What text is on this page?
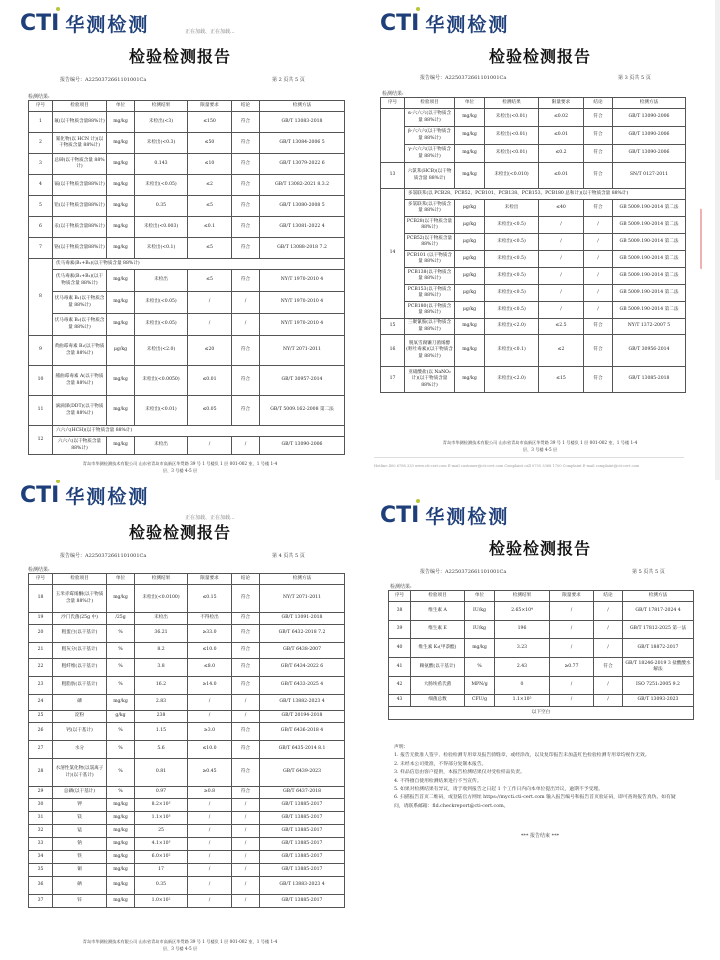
CTI 华测检测	正在加载、正在加载...
检验检测报告
报告编号：A2250372661101001Ca	第 2 页共 5 页
检测结果:
序号	检验项目	单位	检测结果	限量要求	结论	检测方法
1	氟(以干物质含量88%计)	mg/kg	未检出(<3)	≤150	符合	GB/T 13083-2018
2	氰化物(以 HCN 计)(以干物质含量 88%计)	mg/kg	未检出(<0.3)	≤50	符合	GB/T 13084-2006 5
3	总砷(以干物质含量 88%计)	mg/kg	0.143	≤10	符合	GB/T 13079-2022 6
4	镉(以干物质含量88%计)	mg/kg	未检出(<0.05)	≤2	符合	GB/T 13082-2021 8.3.2
5	铅(以干物质含量88%计)	mg/kg	0.35	≤5	符合	GB/T 13080-2008 5
6	汞(以干物质含量88%计)	mg/kg	未检出(<0.003)	≤0.1	符合	GB/T 13081-2022 4
7	铬(以干物质含量88%计)	mg/kg	未检出(<0.1)	≤5	符合	GB/T 13088-2018 7.2
8	伏马毒素(B₁+B₂)(以干物质含量 88%计)					
	伏马毒素(B₁+B₂)(以干物质含量 88%计)	mg/kg	未检出	≤5	符合	NY/T 1970-2010 4
	伏马毒素 B₁(以干物质含量 88%计)	mg/kg	未检出(<0.05)	/	/	NY/T 1970-2010 4
	伏马毒素 B₂(以干物质含量 88%计)	mg/kg	未检出(<0.05)	/	/	NY/T 1970-2010 4
9	黄曲霉毒素 B₁(以干物质含量 88%计)	μg/kg	未检出(<2.0)	≤20	符合	NY/T 2071-2011
10	赭曲霉毒素 A(以干物质含量 88%计)	mg/kg	未检出(<0.0050)	≤0.01	符合	GB/T 30957-2014
11	滴滴涕(DDT)(以干物质含量 88%计)	mg/kg	未检出(<0.01)	≤0.05	符合	GB/T 5009.162-2008 第二法
12	六六六(HCH)(以干物质含量 88%计)					
	六六六(以干物质含量 88%计)	mg/kg	未检出	/	/	GB/T 13090-2006
青岛市华测检测技术有限公司 山东省青岛市高新区华贯路 39 号 1 号楼负 1 层 001-002 室、1 号楼 1-4
层、3 号楼 4-5 层
CTI 华测检测
检验检测报告
报告编号：A2250372661101001Ca	第 3 页共 5 页
检测结果:
序号	检验项目	单位	检测结果	限量要求	结论	检测方法
	α-六六六(以干物质含量 88%计)	mg/kg	未检出(<0.01)	≤0.02	符合	GB/T 13090-2006
	β-六六六(以干物质含量 88%计)	mg/kg	未检出(<0.01)	≤0.01	符合	GB/T 13090-2006
	γ-六六六(以干物质含量 88%计)	mg/kg	未检出(<0.01)	≤0.2	符合	GB/T 13090-2006
13	六氯苯(HCB)(以干物质含量 88%计)	mg/kg	未检出(<0.010)	≤0.01	符合	SN/T 0127-2011
14	多氯联苯(以 PCB28、PCB52、PCB101、PCB138、PCB153、PCB180 总和计)(以干物质含量 88%计)					
	多氯联苯(以干物质含量 88%计)	μg/kg	未检出	≤40	符合	GB 5009.190-2014 第二法
	PCB28(以干物质含量 88%计)	μg/kg	未检出(<0.5)	/	/	GB 5009.190-2014 第二法
	PCB52(以干物质含量 88%计)	μg/kg	未检出(<0.5)	/	/	GB 5009.190-2014 第二法
	PCB101 (以干物质含量 88%计)	μg/kg	未检出(<0.5)	/	/	GB 5009.190-2014 第二法
	PCB138(以干物质含量 88%计)	μg/kg	未检出(<0.5)	/	/	GB 5009.190-2014 第二法
	PCB153(以干物质含量 88%计)	μg/kg	未检出(<0.5)	/	/	GB 5009.190-2014 第二法
	PCB180(以干物质含量 88%计)	μg/kg	未检出(<0.5)	/	/	GB 5009.190-2014 第二法
15	三聚氰胺(以干物质含量 88%计)	mg/kg	未检出(<2.0)	≤2.5	符合	NY/T 1372-2007 5
16	脱氧雪腐镰刀菌烯醇(呕吐毒素)(以干物质含量 88%计)	mg/kg	未检出(<0.1)	≤2	符合	GB/T 30956-2014
17	亚硝酸盐(以 NaNO₂计)(以干物质含量 88%计)	mg/kg	未检出(<2.0)	≤15	符合	GB/T 13085-2018
青岛市华测检测技术有限公司 山东省青岛市高新区华贯路 39 号 1 号楼负 1 层 001-002 室、1 号楼 1-4
层、3 号楼 4-5 层
Hotline 400 6788 333 www.cti-cert.com E-mail customer@cti-cert.com Complaint call 0755 3368 1700 Complaint E-mail complaint@cti-cert.com
CTI 华测检测
正在加载、正在加载...
检验检测报告
报告编号：A2250372661101001Ca	第 4 页共 5 页
检测结果:
序号	检验项目	单位	检测结果	限量要求	结论	检测方法
18	玉米赤霉烯酮(以干物质含量 88%计)	mg/kg	未检出(<0.0100)	≤0.15	符合	NY/T 2071-2011
19	沙门氏菌(25g 中)	/25g	未检出	不得检出	符合	GB/T 13091-2018
20	粗蛋白(以干基计)	%	36.21	≥33.0	符合	GB/T 6432-2018 7.2
21	粗灰分(以干基计)	%	8.2	≤10.0	符合	GB/T 6438-2007
22	粗纤维(以干基计)	%	3.8	≤8.0	符合	GB/T 6434-2022 6
23	粗脂肪(以干基计)	%	16.2	≥14.0	符合	GB/T 6433-2025 4
24	磷	mg/kg	2.83	/	/	GB/T 13882-2023 4
25	淀粉	g/kg	238	/	/	GB/T 20194-2018
26	钙(以干基计)	%	1.15	≥3.0	符合	GB/T 6436-2018 4
27	水分	%	5.6	≤10.0	符合	GB/T 6435-2014 8.1
28	水溶性氯化物(以氯离子计)(以干基计)	%	0.81	≥0.45	符合	GB/T 6439-2023
29	总磷(以干基计)	%	0.97	≥0.8	符合	GB/T 6437-2018
30	钾	mg/kg	8.2×10³	/	/	GB/T 13885-2017
31	镁	mg/kg	1.1×10³	/	/	GB/T 13885-2017
32	锰	mg/kg	25	/	/	GB/T 13885-2017
33	钠	mg/kg	4.1×10³	/	/	GB/T 13885-2017
34	铁	mg/kg	6.0×10²	/	/	GB/T 13885-2017
35	铜	mg/kg	17	/	/	GB/T 13885-2017
36	硒	mg/kg	0.35	/	/	GB/T 13883-2023 4
37	锌	mg/kg	1.0×10²	/	/	GB/T 13885-2017
青岛市华测检测技术有限公司 山东省青岛市高新区华贯路 39 号 1 号楼负 1 层 001-002 室、1 号楼 1-4
层、3 号楼 4-5 层
CTI 华测检测
检验检测报告
报告编号：A2250372661101001Ca	第 5 页共 5 页
检测结果:
序号	检验项目	单位	检测结果	限量要求	结论	检测方法
38	维生素 A	IU/kg	2.65×10⁴	/	/	GB/T 17817-2024 4
39	维生素 E	IU/kg	196	/	/	GB/T 17812-2025 第一法
40	维生素 K₃(甲萘醌)	mg/kg	3.23	/	/	GB/T 18872-2017
41	赖氨酸(以干基计)	%	2.43	≥0.77	符合	GB/T 18246-2019 3 盐酸酸水解法
42	大肠埃希氏菌	MPN/g	0	/	/	ISO 7251:2005 9.2
43	细菌总数	CFU/g	1.1×10⁵	/	/	GB/T 13093-2023
以下空白						
声明：
1. 报告无批准人签字、检验检测专用章及报告骑缝章，或经涂改，以及复印报告未加盖红色检验检测专用章均视作无效。
2. 未经本公司批准，不得部分复制本报告。
3. 样品信息由客户提供，本报告检测结果仅对受检样品负责。
4. 不得擅自使用检测结果进行不当宣传。
5. 如果对检测结果有异议，请于收到报告之日起 1 个工作日内向本单位提出异议，逾期不予受理。
6. 扫描报告首页二维码，或登陆官方网址 https://mycti.cti-cert.com 输入报告编号和报告首页验证码，即可查询报告真伪。如有疑问，请联系邮箱：fld.checkreport@cti-cert.com。
*** 报告结束 ***
